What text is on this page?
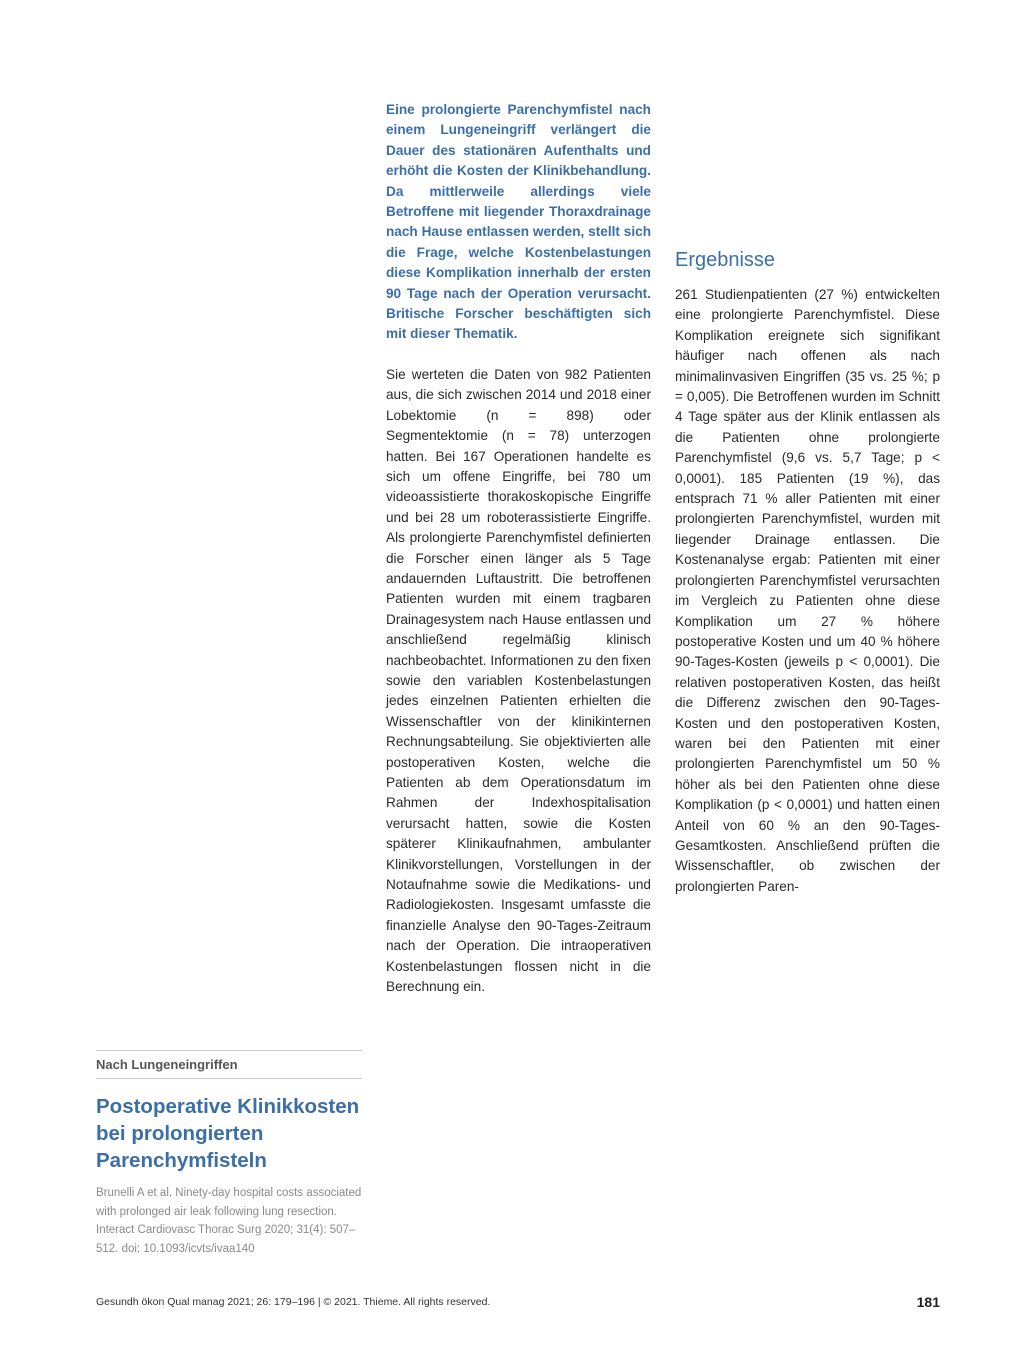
Eine prolongierte Parenchymfistel nach einem Lungeneingriff verlängert die Dauer des stationären Aufenthalts und erhöht die Kosten der Klinikbehandlung. Da mittlerweile allerdings viele Betroffene mit liegender Thoraxdrainage nach Hause entlassen werden, stellt sich die Frage, welche Kostenbelastungen diese Komplikation innerhalb der ersten 90 Tage nach der Operation verursacht. Britische Forscher beschäftigten sich mit dieser Thematik.

Sie werteten die Daten von 982 Patienten aus, die sich zwischen 2014 und 2018 einer Lobektomie (n = 898) oder Segmentektomie (n = 78) unterzogen hatten. Bei 167 Operationen handelte es sich um offene Eingriffe, bei 780 um videoassistierte thorakoskopische Eingriffe und bei 28 um roboterassistierte Eingriffe. Als prolongierte Parenchymfistel definierten die Forscher einen länger als 5 Tage andauernden Luftaustritt. Die betroffenen Patienten wurden mit einem tragbaren Drainagesystem nach Hause entlassen und anschließend regelmäßig klinisch nachbeobachtet. Informationen zu den fixen sowie den variablen Kostenbelastungen jedes einzelnen Patienten erhielten die Wissenschaftler von der klinikinternen Rechnungsabteilung. Sie objektivierten alle postoperativen Kosten, welche die Patienten ab dem Operationsdatum im Rahmen der Indexhospitalisation verursacht hatten, sowie die Kosten späterer Klinikaufnahmen, ambulanter Klinikvorstellungen, Vorstellungen in der Notaufnahme sowie die Medikations- und Radiologiekosten. Insgesamt umfasste die finanzielle Analyse den 90-Tages-Zeitraum nach der Operation. Die intraoperativen Kostenbelastungen flossen nicht in die Berechnung ein.

Ergebnisse

261 Studienpatienten (27 %) entwickelten eine prolongierte Parenchymfistel. Diese Komplikation ereignete sich signifikant häufiger nach offenen als nach minimalinvasiven Eingriffen (35 vs. 25 %; p = 0,005). Die Betroffenen wurden im Schnitt 4 Tage später aus der Klinik entlassen als die Patienten ohne prolongierte Parenchymfistel (9,6 vs. 5,7 Tage; p < 0,0001). 185 Patienten (19 %), das entsprach 71 % aller Patienten mit einer prolongierten Parenchymfistel, wurden mit liegender Drainage entlassen. Die Kostenanalyse ergab: Patienten mit einer prolongierten Parenchymfistel verursachten im Vergleich zu Patienten ohne diese Komplikation um 27 % höhere postoperative Kosten und um 40 % höhere 90-Tages-Kosten (jeweils p < 0,0001). Die relativen postoperativen Kosten, das heißt die Differenz zwischen den 90-Tages-Kosten und den postoperativen Kosten, waren bei den Patienten mit einer prolongierten Parenchymfistel um 50 % höher als bei den Patienten ohne diese Komplikation (p < 0,0001) und hatten einen Anteil von 60 % an den 90-Tages-Gesamtkosten. Anschließend prüften die Wissenschaftler, ob zwischen der prolongierten Paren-

Nach Lungeneingriffen
Postoperative Klinikkosten bei prolongierten Parenchymfisteln

Brunelli A et al. Ninety-day hospital costs associated with prolonged air leak following lung resection. Interact Cardiovasc Thorac Surg 2020; 31(4): 507–512. doi: 10.1093/icvts/ivaa140

Gesundh ökon Qual manag 2021; 26: 179–196 | © 2021. Thieme. All rights reserved.	181
